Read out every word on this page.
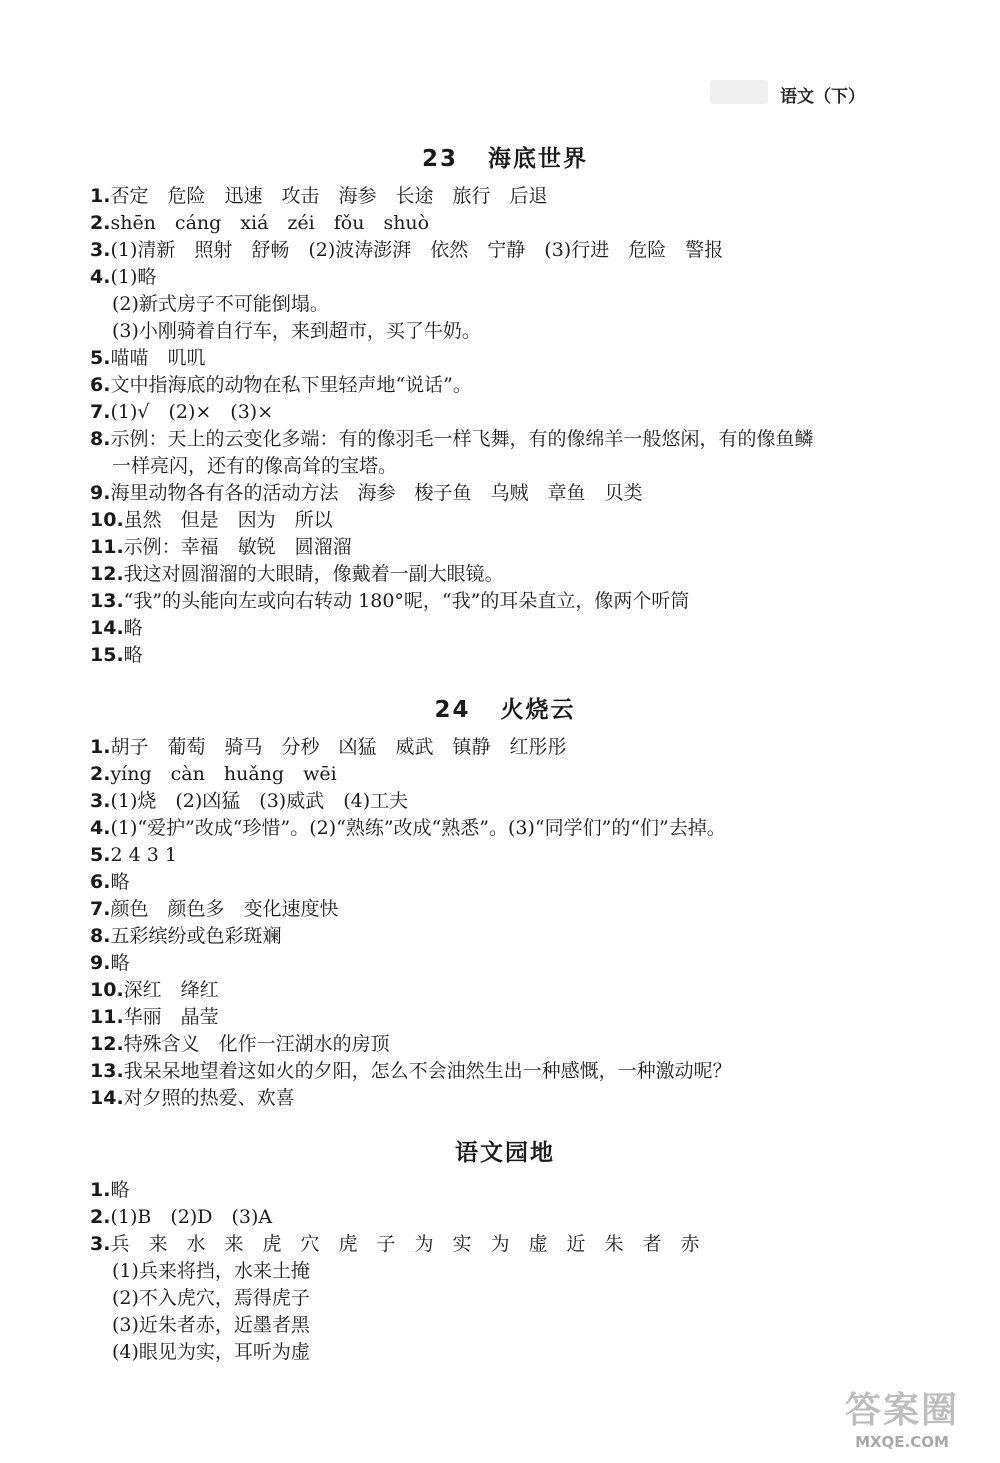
语文（下）
23 海底世界
1.否定　危险　迅速　攻击　海参　长途　旅行　后退
2.shēn　cáng　xiá　zéi　fǒu　shuò
3.(1)清新　照射　舒畅　(2)波涛澎湃　依然　宁静　(3)行进　危险　警报
4.(1)略
(2)新式房子不可能倒塌。
(3)小刚骑着自行车，来到超市，买了牛奶。
5.喵喵　叽叽
6.文中指海底的动物在私下里轻声地“说话”。
7.(1)√　(2)×　(3)×
8.示例：天上的云变化多端：有的像羽毛一样飞舞，有的像绵羊一般悠闲，有的像鱼鳞
一样亮闪，还有的像高耸的宝塔。
9.海里动物各有各的活动方法　海参　梭子鱼　乌贼　章鱼　贝类
10.虽然　但是　因为　所以
11.示例：幸福　敏锐　圆溜溜
12.我这对圆溜溜的大眼睛，像戴着一副大眼镜。
13.“我”的头能向左或向右转动 180°呢，“我”的耳朵直立，像两个听筒
14.略
15.略
24 火烧云
1.胡子　葡萄　骑马　分秒　凶猛　威武　镇静　红彤彤
2.yíng　càn　huǎng　wēi
3.(1)烧　(2)凶猛　(3)威武　(4)工夫
4.(1)“爱护”改成“珍惜”。(2)“熟练”改成“熟悉”。(3)“同学们”的“们”去掉。
5.2 4 3 1
6.略
7.颜色　颜色多　变化速度快
8.五彩缤纷或色彩斑斓
9.略
10.深红　绛红
11.华丽　晶莹
12.特殊含义　化作一汪湖水的房顶
13.我呆呆地望着这如火的夕阳，怎么不会油然生出一种感慨，一种激动呢？
14.对夕照的热爱、欢喜
语文园地
1.略
2.(1)B　(2)D　(3)A
3.兵　来　水　来　虎　穴　虎　子　为　实　为　虚　近　朱　者　赤
(1)兵来将挡，水来土掩
(2)不入虎穴，焉得虎子
(3)近朱者赤，近墨者黑
(4)眼见为实，耳听为虚
答案圈
MXQE.COM
